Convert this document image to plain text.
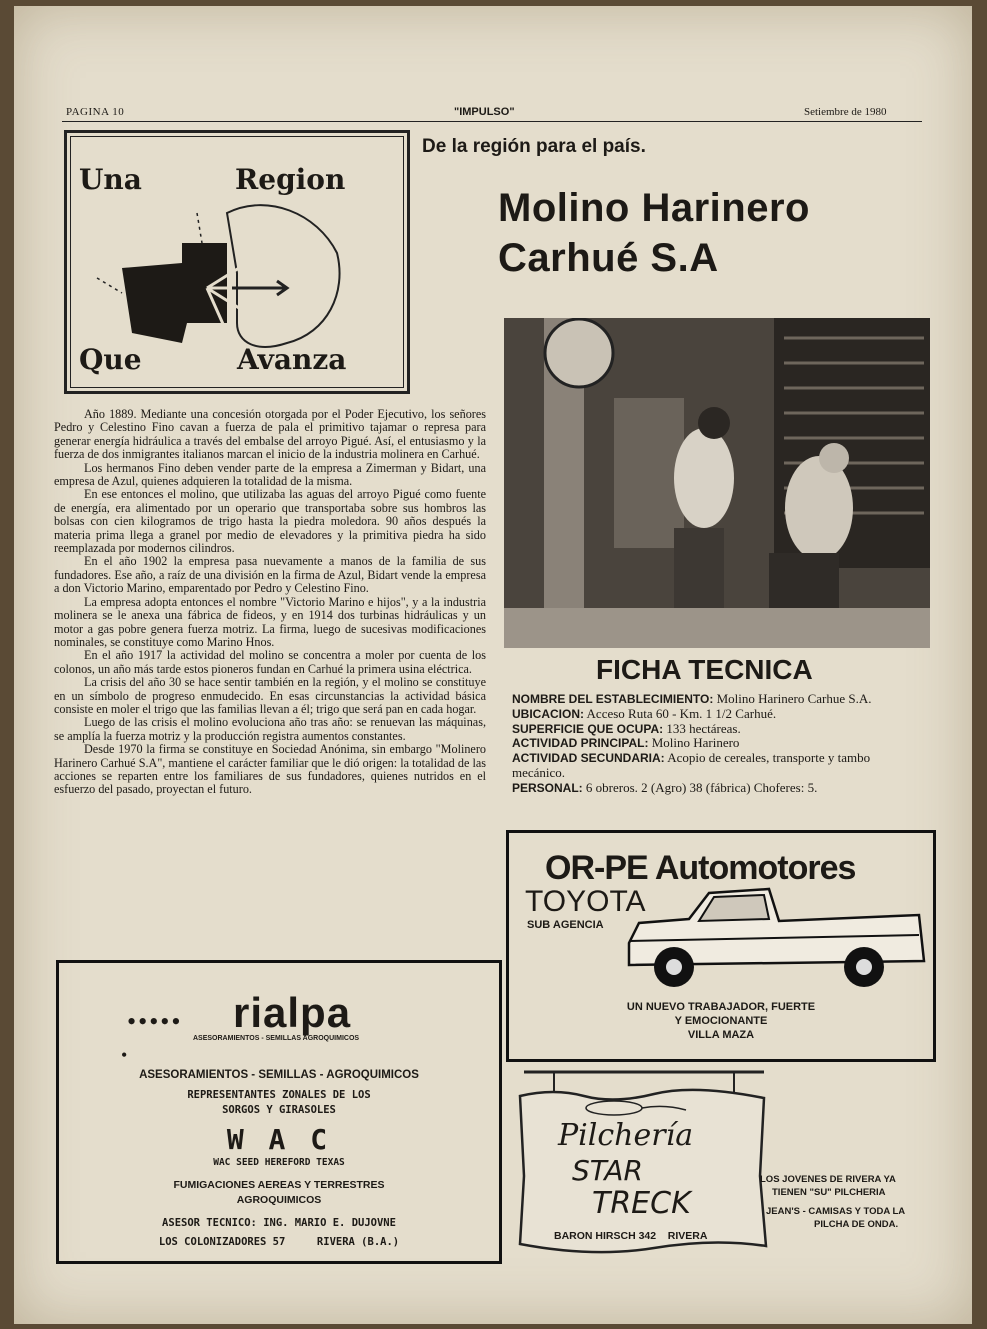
PAGINA 10	"IMPULSO"	Setiembre de 1980
Una	Region
Que	Avanza
De la región para el país.
Molino Harinero
Carhué S.A

Año 1889. Mediante una concesión otorgada por el Poder Ejecutivo, los señores Pedro y Celestino Fino cavan a fuerza de pala el primitivo tajamar o represa para generar energía hidráulica a través del embalse del arroyo Pigué. Así, el entusiasmo y la fuerza de dos inmigrantes italianos marcan el inicio de la industria molinera en Carhué.

Los hermanos Fino deben vender parte de la empresa a Zimerman y Bidart, una empresa de Azul, quienes adquieren la totalidad de la misma.

En ese entonces el molino, que utilizaba las aguas del arroyo Pigué como fuente de energía, era alimentado por un operario que transportaba sobre sus hombros las bolsas con cien kilogramos de trigo hasta la piedra moledora. 90 años después la materia prima llega a granel por medio de elevadores y la primitiva piedra ha sido reemplazada por modernos cilindros.

En el año 1902 la empresa pasa nuevamente a manos de la familia de sus fundadores. Ese año, a raíz de una división en la firma de Azul, Bidart vende la empresa a don Victorio Marino, emparentado por Pedro y Celestino Fino.

La empresa adopta entonces el nombre "Victorio Marino e hijos", y a la industria molinera se le anexa una fábrica de fideos, y en 1914 dos turbinas hidráulicas y un motor a gas pobre genera fuerza motriz. La firma, luego de sucesivas modificaciones nominales, se constituye como Marino Hnos.

En el año 1917 la actividad del molino se concentra a moler por cuenta de los colonos, un año más tarde estos pioneros fundan en Carhué la primera usina eléctrica.

La crisis del año 30 se hace sentir también en la región, y el molino se constituye en un símbolo de progreso enmudecido. En esas circunstancias la actividad básica consiste en moler el trigo que las familias llevan a él; trigo que será pan en cada hogar.

Luego de las crisis el molino evoluciona año tras año: se renuevan las máquinas, se amplía la fuerza motriz y la producción registra aumentos constantes.

Desde 1970 la firma se constituye en Sociedad Anónima, sin embargo "Molinero Harinero Carhué S.A", mantiene el carácter familiar que le dió origen: la totalidad de las acciones se reparten entre los familiares de sus fundadores, quienes nutridos en el esfuerzo del pasado, proyectan el futuro.

FICHA TECNICA
NOMBRE DEL ESTABLECIMIENTO: Molino Harinero Carhue S.A.
UBICACION: Acceso Ruta 60 - Km. 1 1/2 Carhué.
SUPERFICIE QUE OCUPA: 133 hectáreas.
ACTIVIDAD PRINCIPAL: Molino Harinero
ACTIVIDAD SECUNDARIA: Acopio de cereales, transporte y tambo mecánico.
PERSONAL: 6 obreros. 2 (Agro) 38 (fábrica) Choferes: 5.
OR-PE Automotores
TOYOTA
SUB AGENCIA
UN NUEVO TRABAJADOR, FUERTE
Y EMOCIONANTE
VILLA MAZA
••••• rialpa
ASESORAMIENTOS - SEMILLAS AGROQUIMICOS
•
ASESORAMIENTOS - SEMILLAS - AGROQUIMICOS
REPRESENTANTES ZONALES DE LOS
SORGOS Y GIRASOLES
W A C
WAC SEED HEREFORD TEXAS
FUMIGACIONES AEREAS Y TERRESTRES
AGROQUIMICOS
ASESOR TECNICO: ING. MARIO E. DUJOVNE
LOS COLONIZADORES 57     RIVERA (B.A.)
Pilchería
STAR
TRECK
BARON HIRSCH 342    RIVERA
LOS JOVENES DE RIVERA YA
TIENEN "SU" PILCHERIA
JEAN'S - CAMISAS Y TODA LA
PILCHA DE ONDA.
